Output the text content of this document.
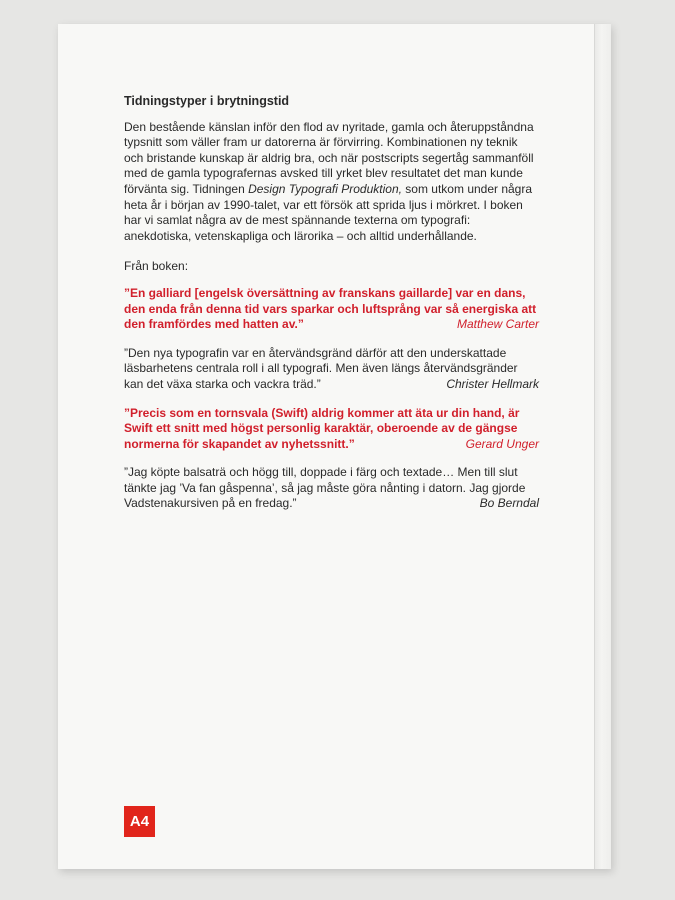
Tidningstyper i brytningstid

Den bestående känslan inför den flod av nyritade, gamla och återuppståndna typsnitt som väller fram ur datorerna är förvirring. Kombinationen ny teknik och bristande kunskap är aldrig bra, och när postscripts segertåg sammanföll med de gamla typografernas avsked till yrket blev resultatet det man kunde förvänta sig. Tidningen Design Typografi Produktion, som utkom under några heta år i början av 1990-talet, var ett försök att sprida ljus i mörkret. I boken har vi samlat några av de mest spännande texterna om typografi: anekdotiska, vetenskapliga och lärorika – och alltid underhållande.

Från boken:
”En galliard [engelsk översättning av franskans gaillarde] var en dans, den enda från denna tid vars sparkar och luftsprång var så energiska att den framfördes med hatten av.”	Matthew Carter
”Den nya typografin var en återvändsgränd därför att den underskattade läsbarhetens centrala roll i all typografi. Men även längs återvändsgränder kan det växa starka och vackra träd.”	Christer Hellmark
”Precis som en tornsvala (Swift) aldrig kommer att äta ur din hand, är Swift ett snitt med högst personlig karaktär, oberoende av de gängse normerna för skapandet av nyhetssnitt.”	Gerard Unger
”Jag köpte balsaträ och högg till, doppade i färg och textade… Men till slut tänkte jag ’Va fan gåspenna’, så jag måste göra nånting i datorn. Jag gjorde Vadstenakursiven på en fredag.”	Bo Berndal
A4
